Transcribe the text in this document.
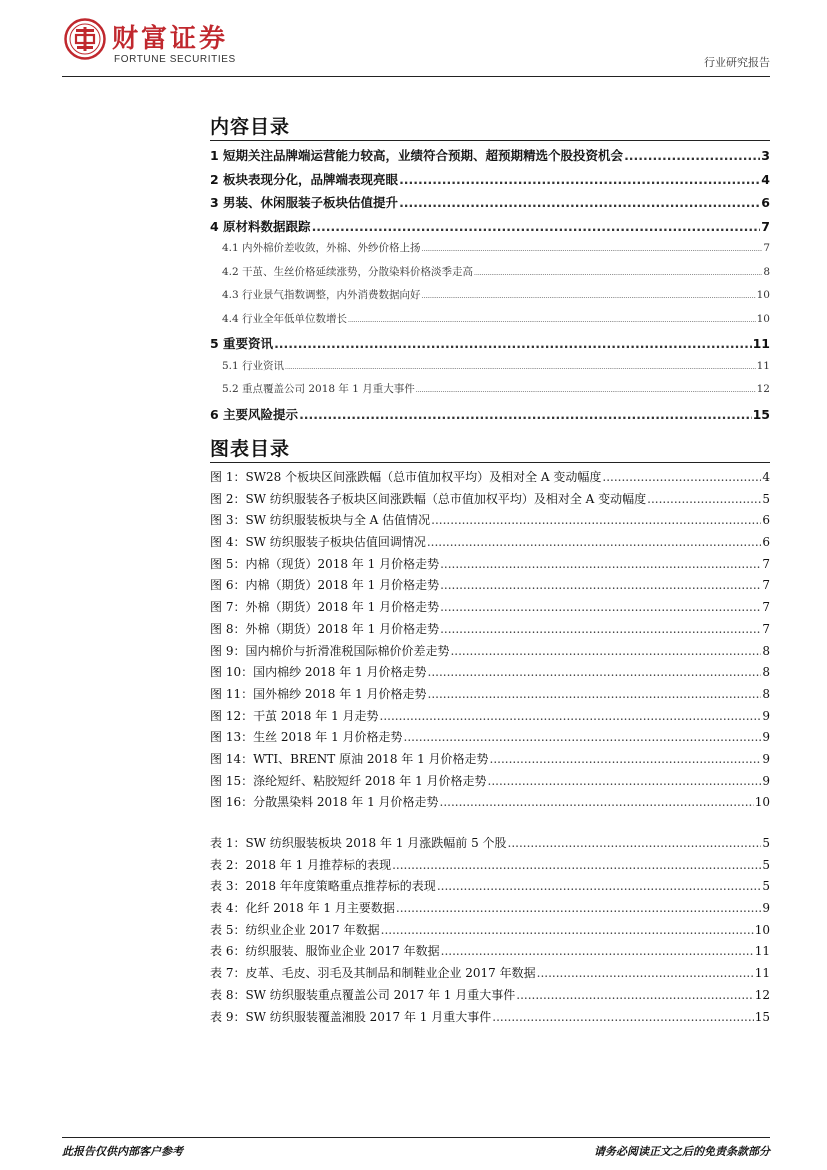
财富证券
FORTUNE SECURITIES	行业研究报告
内容目录
1 短期关注品牌端运营能力较高，业绩符合预期、超预期精选个股投资机会 .....	3
2 板块表现分化，品牌端表现亮眼 .....	4
3 男装、休闲服装子板块估值提升 .....	6
4 原材料数据跟踪 .....	7
4.1 内外棉价差收敛，外棉、外纱价格上扬 .....	7
4.2 干茧、生丝价格延续涨势，分散染料价格淡季走高 .....	8
4.3 行业景气指数调整，内外消费数据向好 .....	10
4.4 行业全年低单位数增长 .....	10
5 重要资讯 .....	11
5.1 行业资讯 .....	11
5.2 重点覆盖公司 2018 年 1 月重大事件 .....	12
6 主要风险提示 .....	15
图表目录
图 1：SW28 个板块区间涨跌幅（总市值加权平均）及相对全 A 变动幅度 .....	4
图 2：SW 纺织服装各子板块区间涨跌幅（总市值加权平均）及相对全 A 变动幅度 .....	5
图 3：SW 纺织服装板块与全 A 估值情况 .....	6
图 4：SW 纺织服装子板块估值回调情况 .....	6
图 5：内棉（现货）2018 年 1 月价格走势 .....	7
图 6：内棉（期货）2018 年 1 月价格走势 .....	7
图 7：外棉（期货）2018 年 1 月价格走势 .....	7
图 8：外棉（期货）2018 年 1 月价格走势 .....	7
图 9：国内棉价与折滑准税国际棉价价差走势 .....	8
图 10：国内棉纱 2018 年 1 月价格走势 .....	8
图 11：国外棉纱 2018 年 1 月价格走势 .....	8
图 12：干茧 2018 年 1 月走势 .....	9
图 13：生丝 2018 年 1 月价格走势 .....	9
图 14：WTI、BRENT 原油 2018 年 1 月价格走势 .....	9
图 15：涤纶短纤、粘胶短纤 2018 年 1 月价格走势 .....	9
图 16：分散黑染料 2018 年 1 月价格走势 .....	10
表 1：SW 纺织服装板块 2018 年 1 月涨跌幅前 5 个股 .....	5
表 2：2018 年 1 月推荐标的表现 .....	5
表 3：2018 年年度策略重点推荐标的表现 .....	5
表 4：化纤 2018 年 1 月主要数据 .....	9
表 5：纺织业企业 2017 年数据 .....	10
表 6：纺织服装、服饰业企业 2017 年数据 .....	11
表 7：皮革、毛皮、羽毛及其制品和制鞋业企业 2017 年数据 .....	11
表 8：SW 纺织服装重点覆盖公司 2017 年 1 月重大事件 .....	12
表 9：SW 纺织服装覆盖湘股 2017 年 1 月重大事件 .....	15
此报告仅供内部客户参考	请务必阅读正文之后的免责条款部分
